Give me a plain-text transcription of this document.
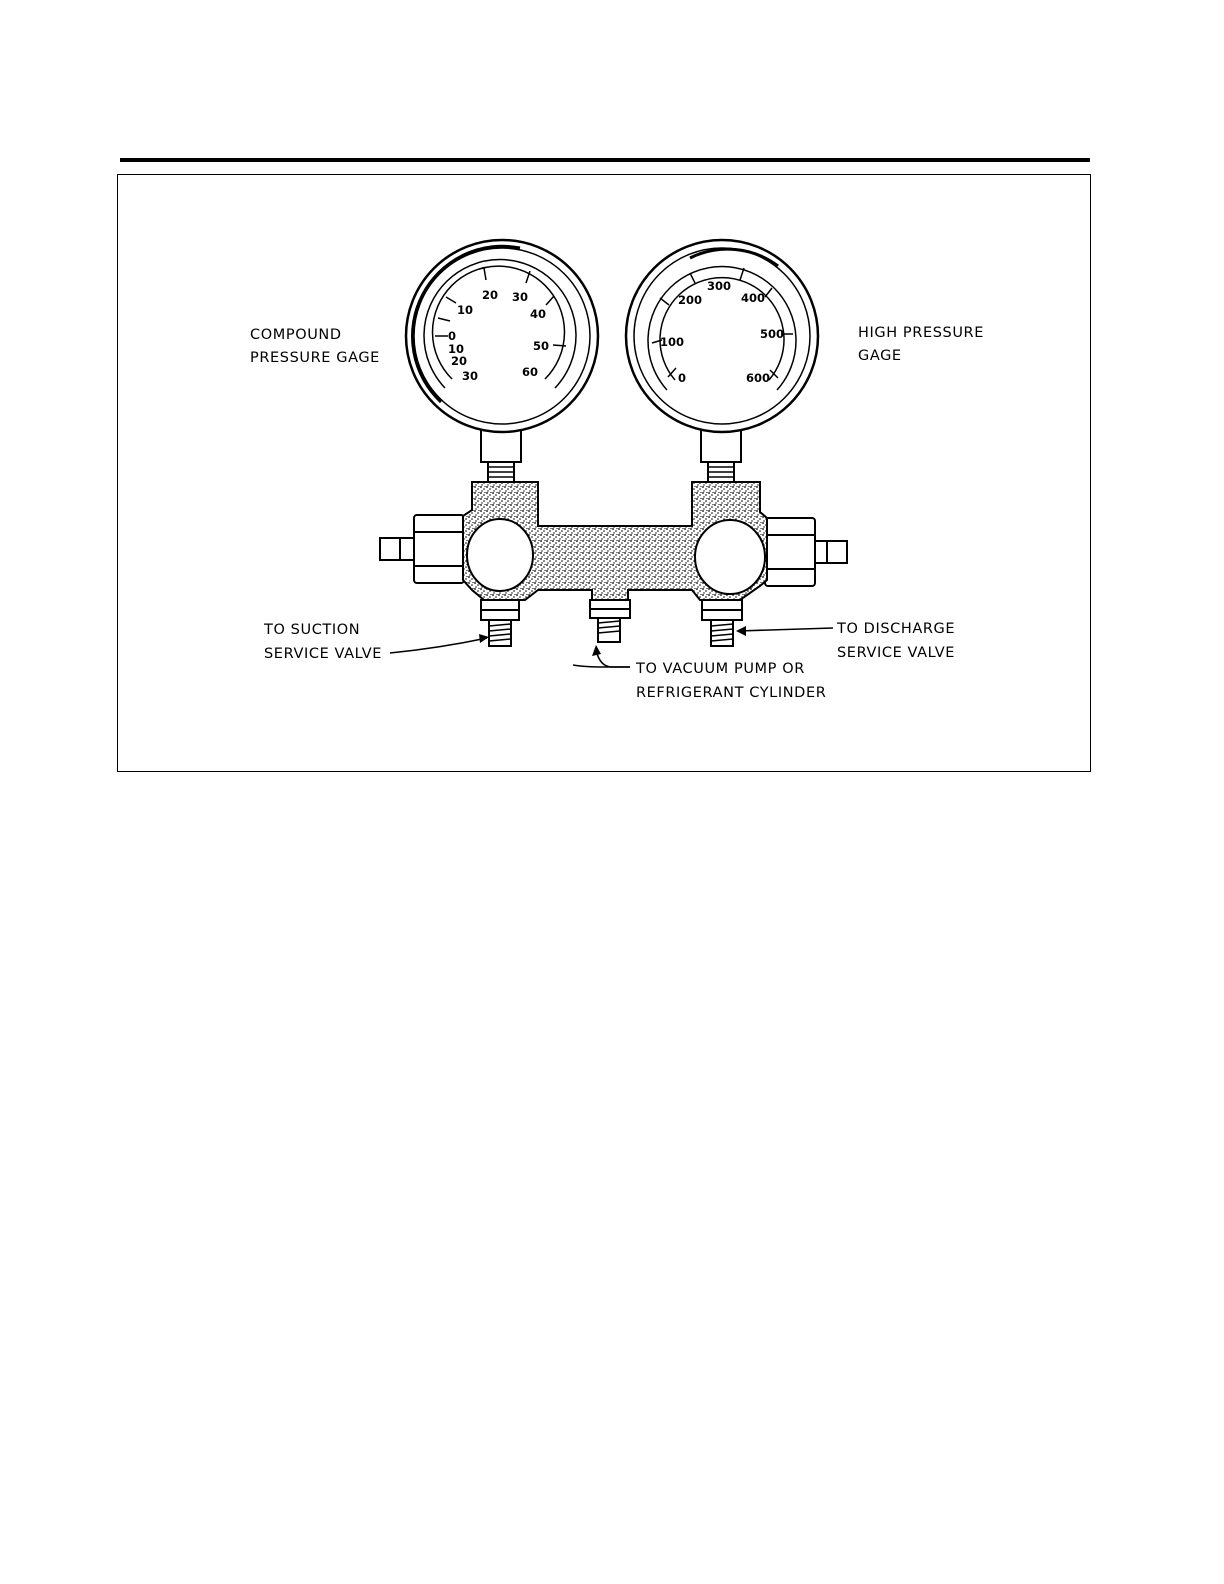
10
20 30
40
50
60
0
10
20
30
200
300
400
100
500
0	600
COMPOUND
PRESSURE GAGE
HIGH PRESSURE
GAGE
TO SUCTION
SERVICE VALVE
TO DISCHARGE
SERVICE VALVE
TO VACUUM PUMP OR
REFRIGERANT CYLINDER
